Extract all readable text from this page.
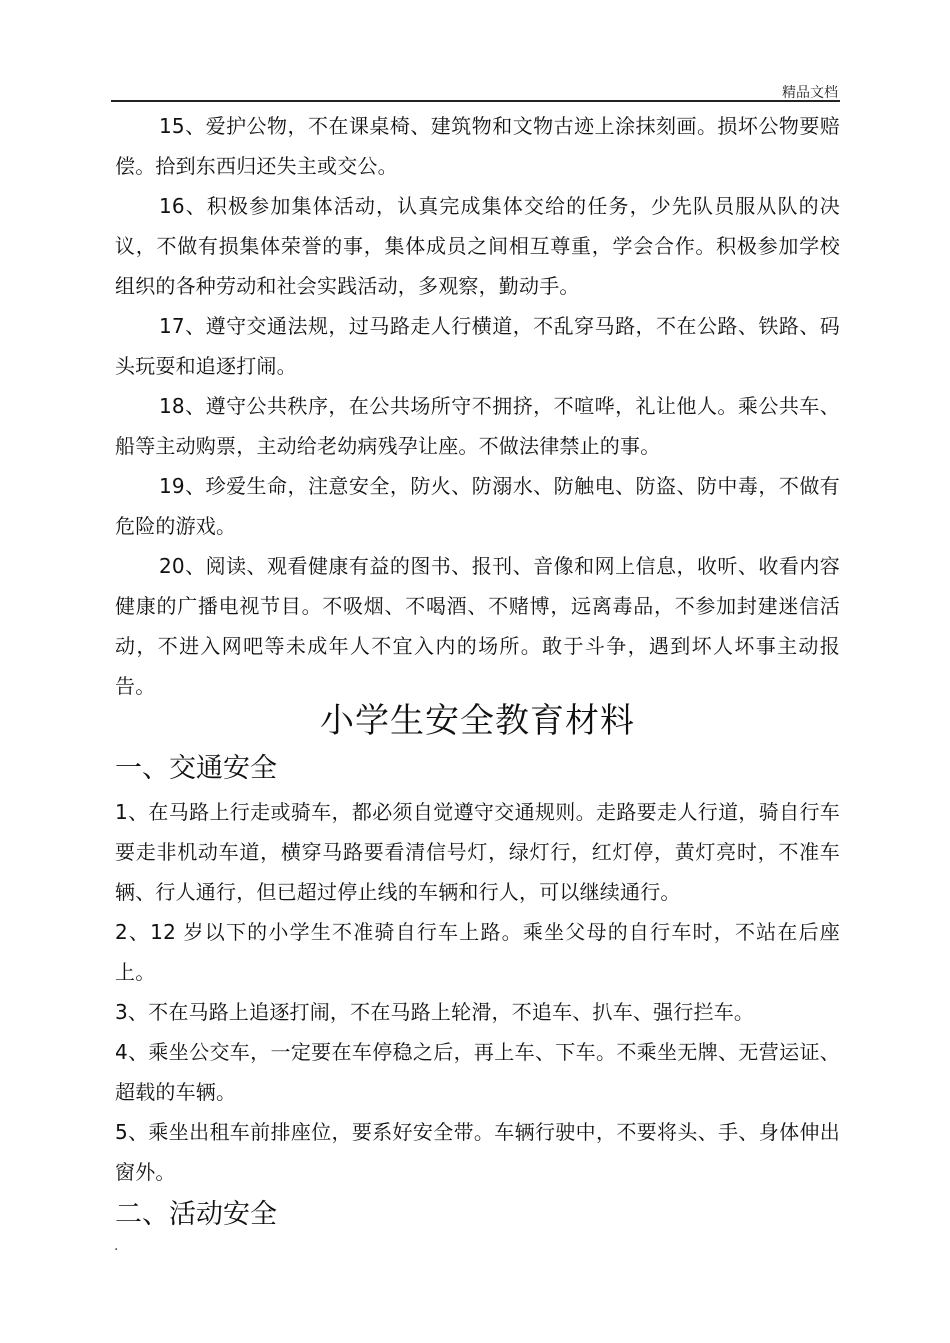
精品文档

15、爱护公物，不在课桌椅、建筑物和文物古迹上涂抹刻画。损坏公物要赔偿。拾到东西归还失主或交公。

16、积极参加集体活动，认真完成集体交给的任务，少先队员服从队的决议，不做有损集体荣誉的事，集体成员之间相互尊重，学会合作。积极参加学校组织的各种劳动和社会实践活动，多观察，勤动手。

17、遵守交通法规，过马路走人行横道，不乱穿马路，不在公路、铁路、码头玩耍和追逐打闹。

18、遵守公共秩序，在公共场所守不拥挤，不喧哗，礼让他人。乘公共车、船等主动购票，主动给老幼病残孕让座。不做法律禁止的事。

19、珍爱生命，注意安全，防火、防溺水、防触电、防盗、防中毒，不做有危险的游戏。

20、阅读、观看健康有益的图书、报刊、音像和网上信息，收听、收看内容健康的广播电视节目。不吸烟、不喝酒、不赌博，远离毒品，不参加封建迷信活动，不进入网吧等未成年人不宜入内的场所。敢于斗争，遇到坏人坏事主动报告。

小学生安全教育材料
一、交通安全

1、在马路上行走或骑车，都必须自觉遵守交通规则。走路要走人行道，骑自行车要走非机动车道，横穿马路要看清信号灯，绿灯行，红灯停，黄灯亮时，不准车辆、行人通行，但已超过停止线的车辆和行人，可以继续通行。

2、12 岁以下的小学生不准骑自行车上路。乘坐父母的自行车时，不站在后座上。

3、不在马路上追逐打闹，不在马路上轮滑，不追车、扒车、强行拦车。

4、乘坐公交车，一定要在车停稳之后，再上车、下车。不乘坐无牌、无营运证、超载的车辆。

5、乘坐出租车前排座位，要系好安全带。车辆行驶中，不要将头、手、身体伸出窗外。

二、活动安全
.
